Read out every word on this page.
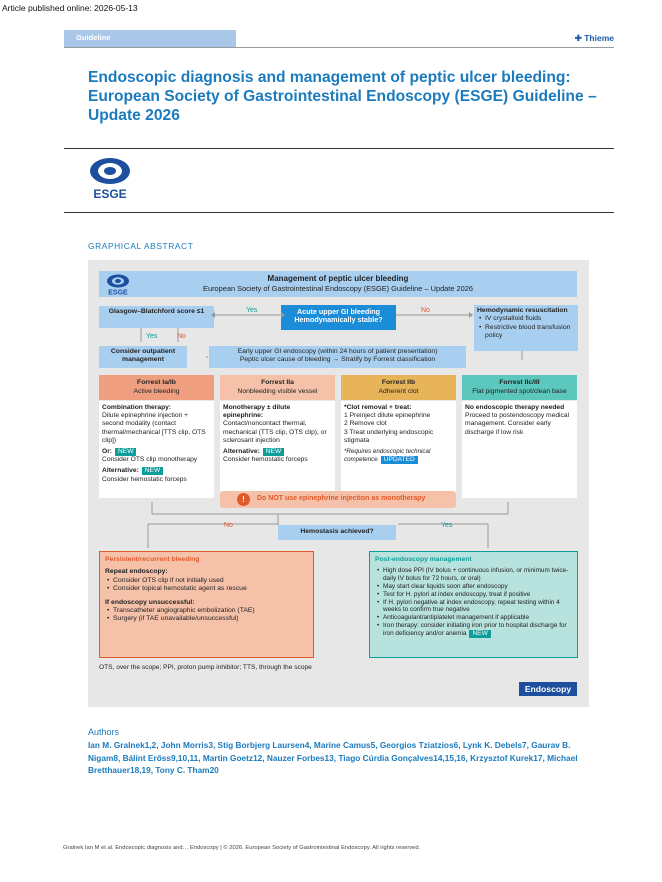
Article published online: 2026-05-13
Guideline	✚ Thieme
Endoscopic diagnosis and management of peptic ulcer bleeding: European Society of Gastrointestinal Endoscopy (ESGE) Guideline – Update 2026
ESGE
GRAPHICAL ABSTRACT
ESGE
Management of peptic ulcer bleeding
European Society of Gastrointestinal Endoscopy (ESGE) Guideline – Update 2026
Glasgow–Blatchford score ≤1	Acute upper GI bleeding Hemodynamically stable?
Hemodynamic resuscitation
• IV crystalloid fluids
• Restrictive blood transfusion policy
Yes	No
Yes	No
Consider outpatient management
Early upper GI endoscopy (within 24 hours of patient presentation)
Peptic ulcer cause of bleeding → Stratify by Forrest classification
Forrest Ia/Ib
Active bleeding
Forrest IIa
Nonbleeding visible vessel
Forrest IIb
Adherent clot
Forrest IIc/III
Flat pigmented spot/clean base
Combination therapy:
Dilute epinephrine injection + second modality (contact thermal/mechanical [TTS clip, OTS clip])
Or: NEW
Consider OTS clip monotherapy
Alternative: NEW
Consider hemostatic forceps
Monotherapy ± dilute epinephrine:
Contact/noncontact thermal, mechanical (TTS clip, OTS clip), or sclerosant injection
Alternative: NEW
Consider hemostatic forceps
*Clot removal + treat:
1 Preinject dilute epinephrine
2 Remove clot
3 Treat underlying endoscopic stigmata
*Requires endoscopic technical competence UPDATED
No endoscopic therapy needed
Proceed to postendoscopy medical management. Consider early discharge if low risk
!	Do NOT use epinephrine injection as monotherapy
Hemostasis achieved?
No	Yes
Persistent/recurrent bleeding
Repeat endoscopy:
• Consider OTS clip if not initially used
• Consider topical hemostatic agent as rescue
If endoscopy unsuccessful:
• Transcatheter angiographic embolization (TAE)
• Surgery (if TAE unavailable/unsuccessful)
Post-endoscopy management
• High dose PPI (IV bolus + continuous infusion, or minimum twice-daily IV bolus for 72 hours, or oral)
• May start clear liquids soon after endoscopy
• Test for H. pylori at index endoscopy, treat if positive
• If H. pylori negative at index endoscopy, repeat testing within 4 weeks to confirm true negative
• Anticoagulant/antiplatelet management if applicable
• Iron therapy: consider initiating iron prior to hospital discharge for iron deficiency and/or anemia NEW
OTS, over the scope; PPI, proton pump inhibitor; TTS, through the scope
Endoscopy
Authors
Ian M. Gralnek1,2, John Morris3, Stig Borbjerg Laursen4, Marine Camus5, Georgios Tziatzios6, Lynk K. Debels7, Gaurav B. Nigam8, Bálint Erőss9,10,11, Martin Goetz12, Nauzer Forbes13, Tiago Cúrdia Gonçalves14,15,16, Krzysztof Kurek17, Michael Bretthauer18,19, Tony C. Tham20
Gralnek Ian M et al. Endoscopic diagnosis and… Endoscopy | © 2026. European Society of Gastrointestinal Endoscopy. All rights reserved.
